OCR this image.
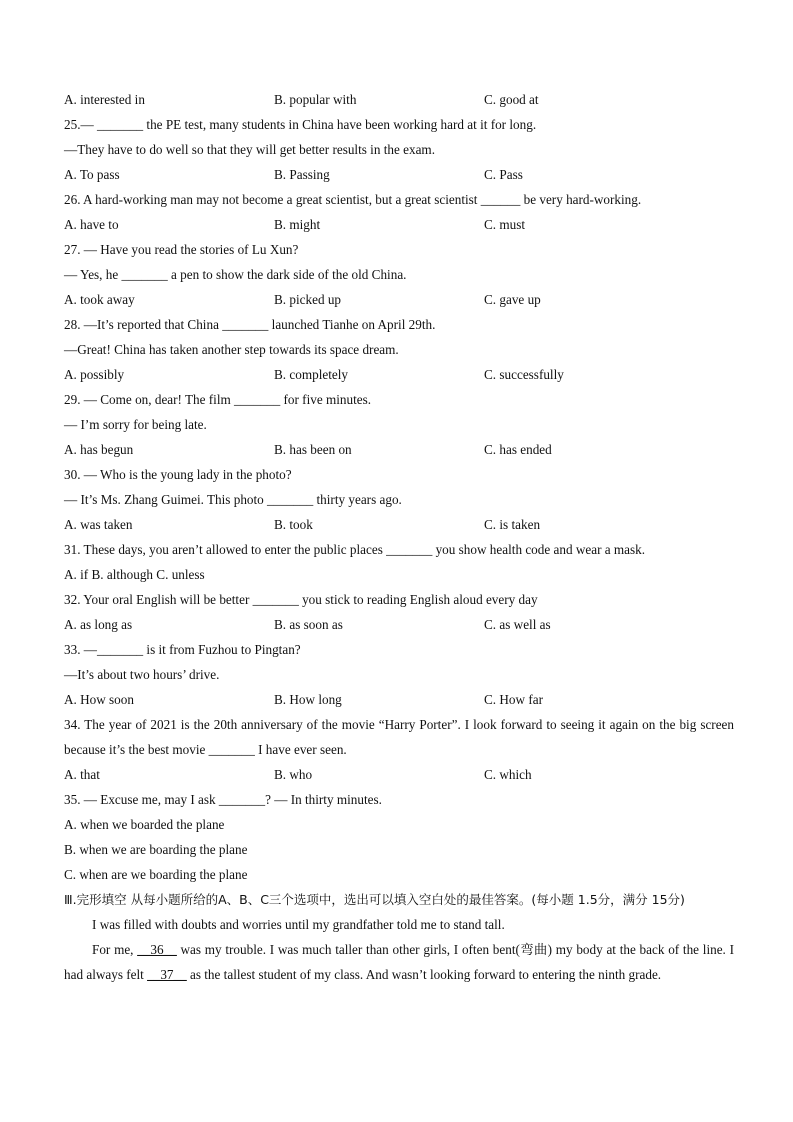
A. interested in	B. popular with	C. good at
25.— _______ the PE test, many students in China have been working hard at it for long.
—They have to do well so that they will get better results in the exam.
A. To pass	B. Passing	C. Pass
26. A hard-working man may not become a great scientist, but a great scientist ______ be very hard-working.
A. have to	B. might	C. must
27. — Have you read the stories of Lu Xun?
— Yes, he _______ a pen to show the dark side of the old China.
A. took away	B. picked up	C. gave up
28. —It’s reported that China _______ launched Tianhe on April 29th.
—Great! China has taken another step towards its space dream.
A. possibly	B. completely	C. successfully
29. — Come on, dear! The film _______ for five minutes.
— I’m sorry for being late.
A. has begun	B. has been on	C. has ended
30. — Who is the young lady in the photo?
— It’s Ms. Zhang Guimei. This photo _______ thirty years ago.
A. was taken	B. took	C. is taken
31. These days, you aren’t allowed to enter the public places _______ you show health code and wear a mask.
A. if B. although C. unless
32. Your oral English will be better _______ you stick to reading English aloud every day
A. as long as	B. as soon as	C. as well as
33. —_______ is it from Fuzhou to Pingtan?
—It’s about two hours’ drive.
A. How soon	B. How long	C. How far
34. The year of 2021 is the 20th anniversary of the movie “Harry Porter”. I look forward to seeing it again on the big screen because it’s the best movie _______ I have ever seen.
A. that	B. who	C. which
35. — Excuse me, may I ask _______? — In thirty minutes.
A. when we boarded the plane
B. when we are boarding the plane
C. when are we boarding the plane
Ⅲ.完形填空 从每小题所给的A、B、C三个选项中，选出可以填入空白处的最佳答案。(每小题 1.5分，满分 15分)
I was filled with doubts and worries until my grandfather told me to stand tall.
For me, __36__ was my trouble. I was much taller than other girls, I often bent(弯曲) my body at the back of the line. I had always felt __37__ as the tallest student of my class. And wasn’t looking forward to entering the ninth grade.
